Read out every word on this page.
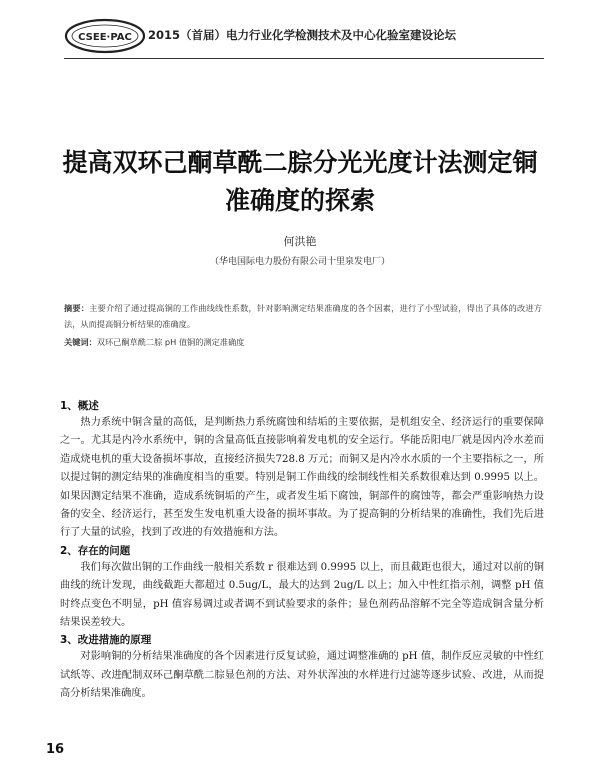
CSEE·PAC 2015（首届）电力行业化学检测技术及中心化验室建设论坛
提高双环己酮草酰二腙分光光度计法测定铜
准确度的探索
何洪艳
（华电国际电力股份有限公司十里泉发电厂）
摘要：主要介绍了通过提高铜的工作曲线线性系数，针对影响测定结果准确度的各个因素，进行了小型试验，得出了具体的改进方法，从而提高铜分析结果的准确度。
关键词：双环己酮草酰二腙 pH 值铜的测定准确度

1、概述

热力系统中铜含量的高低，是判断热力系统腐蚀和结垢的主要依据，是机组安全、经济运行的重要保障之一。尤其是内冷水系统中，铜的含量高低直接影响着发电机的安全运行。华能岳阳电厂就是因内冷水差而造成烧电机的重大设备损坏事故，直接经济损失728.8 万元；而铜又是内冷水水质的一个主要指标之一，所以提过铜的测定结果的准确度相当的重要。特别是铜工作曲线的绘制线性相关系数很难达到 0.9995 以上。如果因测定结果不准确，造成系统铜垢的产生，或者发生垢下腐蚀，铜部件的腐蚀等，都会严重影响热力设备的安全、经济运行，甚至发生发电机重大设备的损坏事故。为了提高铜的分析结果的准确性，我们先后进行了大量的试验，找到了改进的有效措施和方法。

2、存在的问题

我们每次做出铜的工作曲线一般相关系数 r 很难达到 0.9995 以上，而且截距也很大，通过对以前的铜曲线的统计发现，曲线截距大都超过 0.5ug/L，最大的达到 2ug/L 以上；加入中性红指示剂，调整 pH 值时终点变色不明显，pH 值容易调过或者调不到试验要求的条件；显色剂药品溶解不完全等造成铜含量分析结果误差较大。

3、改进措施的原理

对影响铜的分析结果准确度的各个因素进行反复试验，通过调整准确的 pH 值，制作反应灵敏的中性红试纸等、改进配制双环己酮草酰二腙显色剂的方法、对外状浑浊的水样进行过滤等逐步试验、改进，从而提高分析结果准确度。

16
